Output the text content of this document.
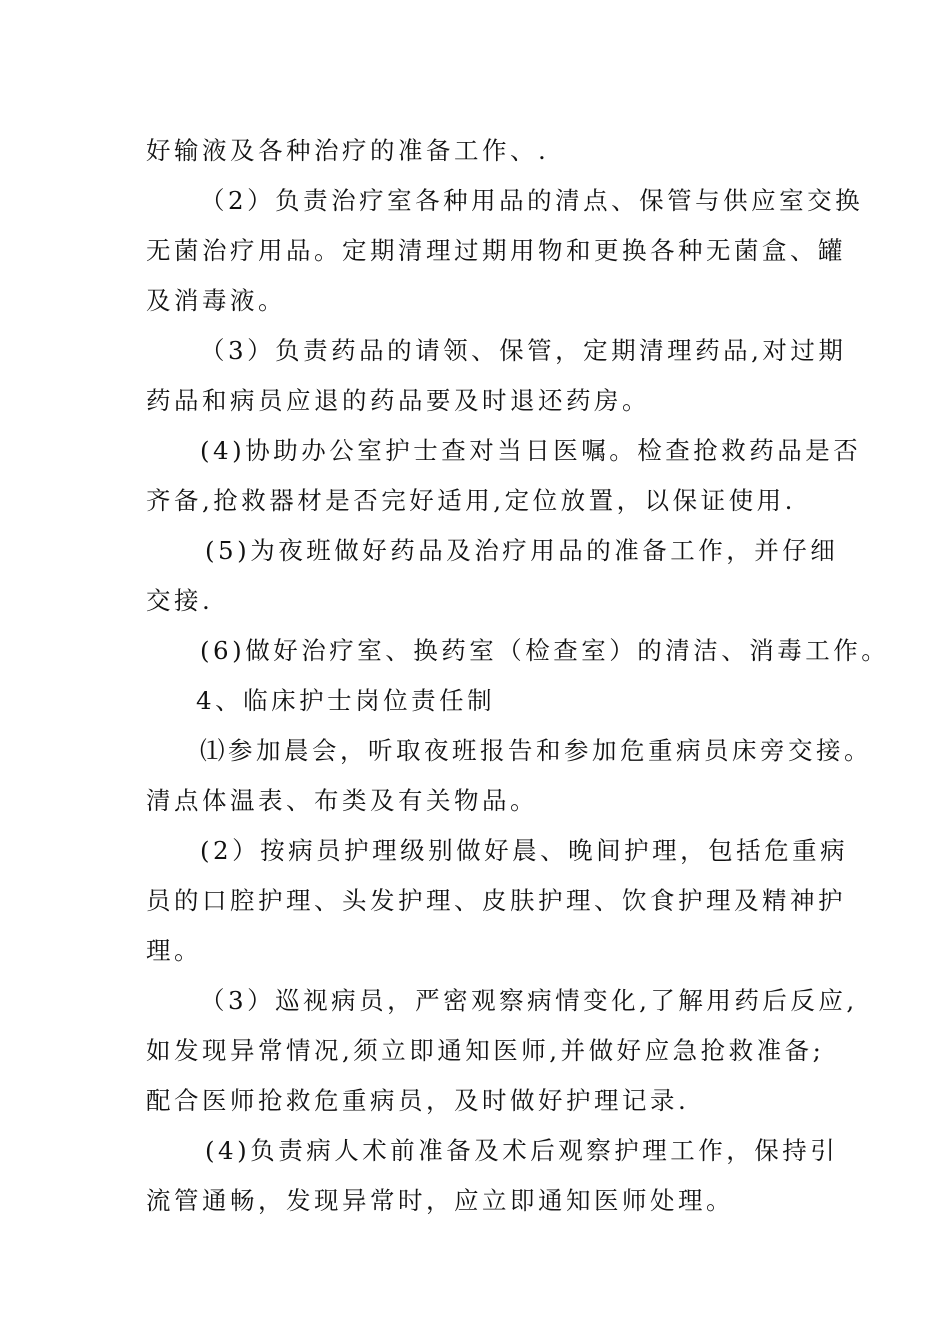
好输液及各种治疗的准备工作、.
（2）负责治疗室各种用品的清点、保管与供应室交换
无菌治疗用品。定期清理过期用物和更换各种无菌盒、罐
及消毒液。
（3）负责药品的请领、保管，定期清理药品,对过期
药品和病员应退的药品要及时退还药房。
(4)协助办公室护士查对当日医嘱。检查抢救药品是否
齐备,抢救器材是否完好适用,定位放置，以保证使用.
(5)为夜班做好药品及治疗用品的准备工作，并仔细
交接.
(6)做好治疗室、换药室（检查室）的清洁、消毒工作。
4、临床护士岗位责任制
⑴参加晨会，听取夜班报告和参加危重病员床旁交接。
清点体温表、布类及有关物品。
(2）按病员护理级别做好晨、晚间护理，包括危重病
员的口腔护理、头发护理、皮肤护理、饮食护理及精神护
理。
（3）巡视病员，严密观察病情变化,了解用药后反应,
如发现异常情况,须立即通知医师,并做好应急抢救准备;
配合医师抢救危重病员，及时做好护理记录.
(4)负责病人术前准备及术后观察护理工作，保持引
流管通畅，发现异常时，应立即通知医师处理。
